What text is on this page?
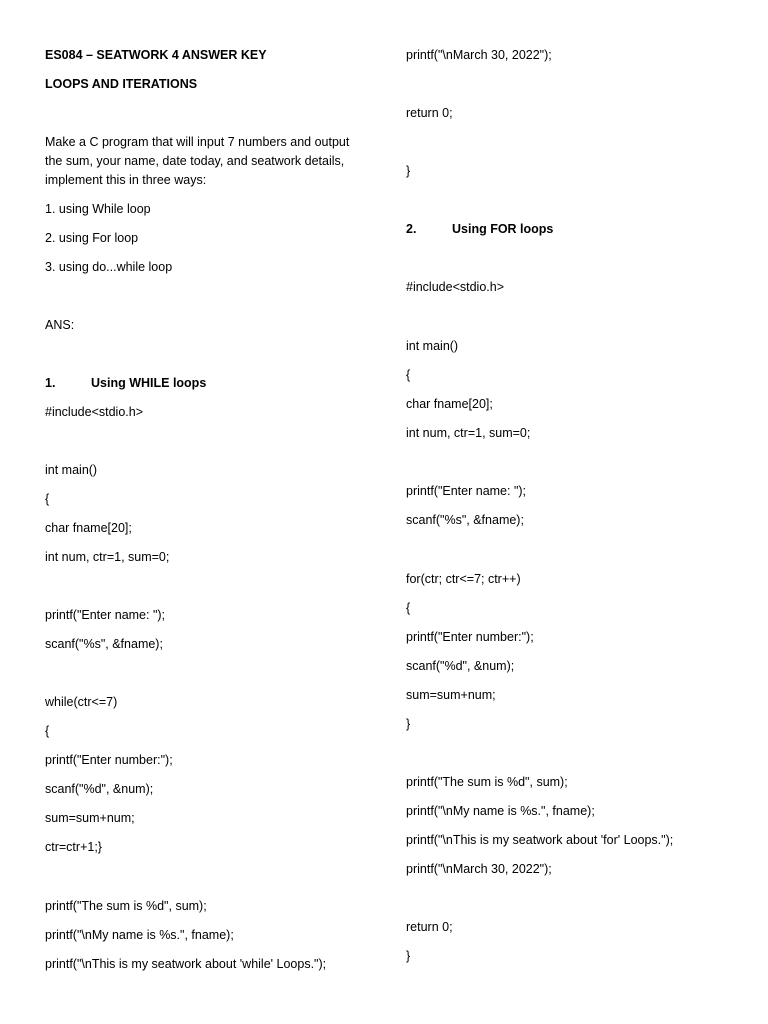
ES084 – SEATWORK 4 ANSWER KEY
LOOPS AND ITERATIONS
Make a C program that will input 7 numbers and output
the sum, your name, date today, and seatwork details,
implement this in three ways:
1. using While loop
2. using For loop
3. using do...while loop
ANS:
1.	Using WHILE loops
#include<stdio.h>
int main()
{
char fname[20];
int num, ctr=1, sum=0;
printf("Enter name: ");
scanf("%s", &fname);
while(ctr<=7)
{
printf("Enter number:");
scanf("%d", &num);
sum=sum+num;
ctr=ctr+1;}
printf("The sum is %d", sum);
printf("\nMy name is %s.", fname);
printf("\nThis is my seatwork about 'while' Loops.");
printf("\nMarch 30, 2022");
return 0;
}
2.	Using FOR loops
#include<stdio.h>
int main()
{
char fname[20];
int num, ctr=1, sum=0;
printf("Enter name: ");
scanf("%s", &fname);
for(ctr; ctr<=7; ctr++)
{
printf("Enter number:");
scanf("%d", &num);
sum=sum+num;
}
printf("The sum is %d", sum);
printf("\nMy name is %s.", fname);
printf("\nThis is my seatwork about 'for' Loops.");
printf("\nMarch 30, 2022");
return 0;
}
